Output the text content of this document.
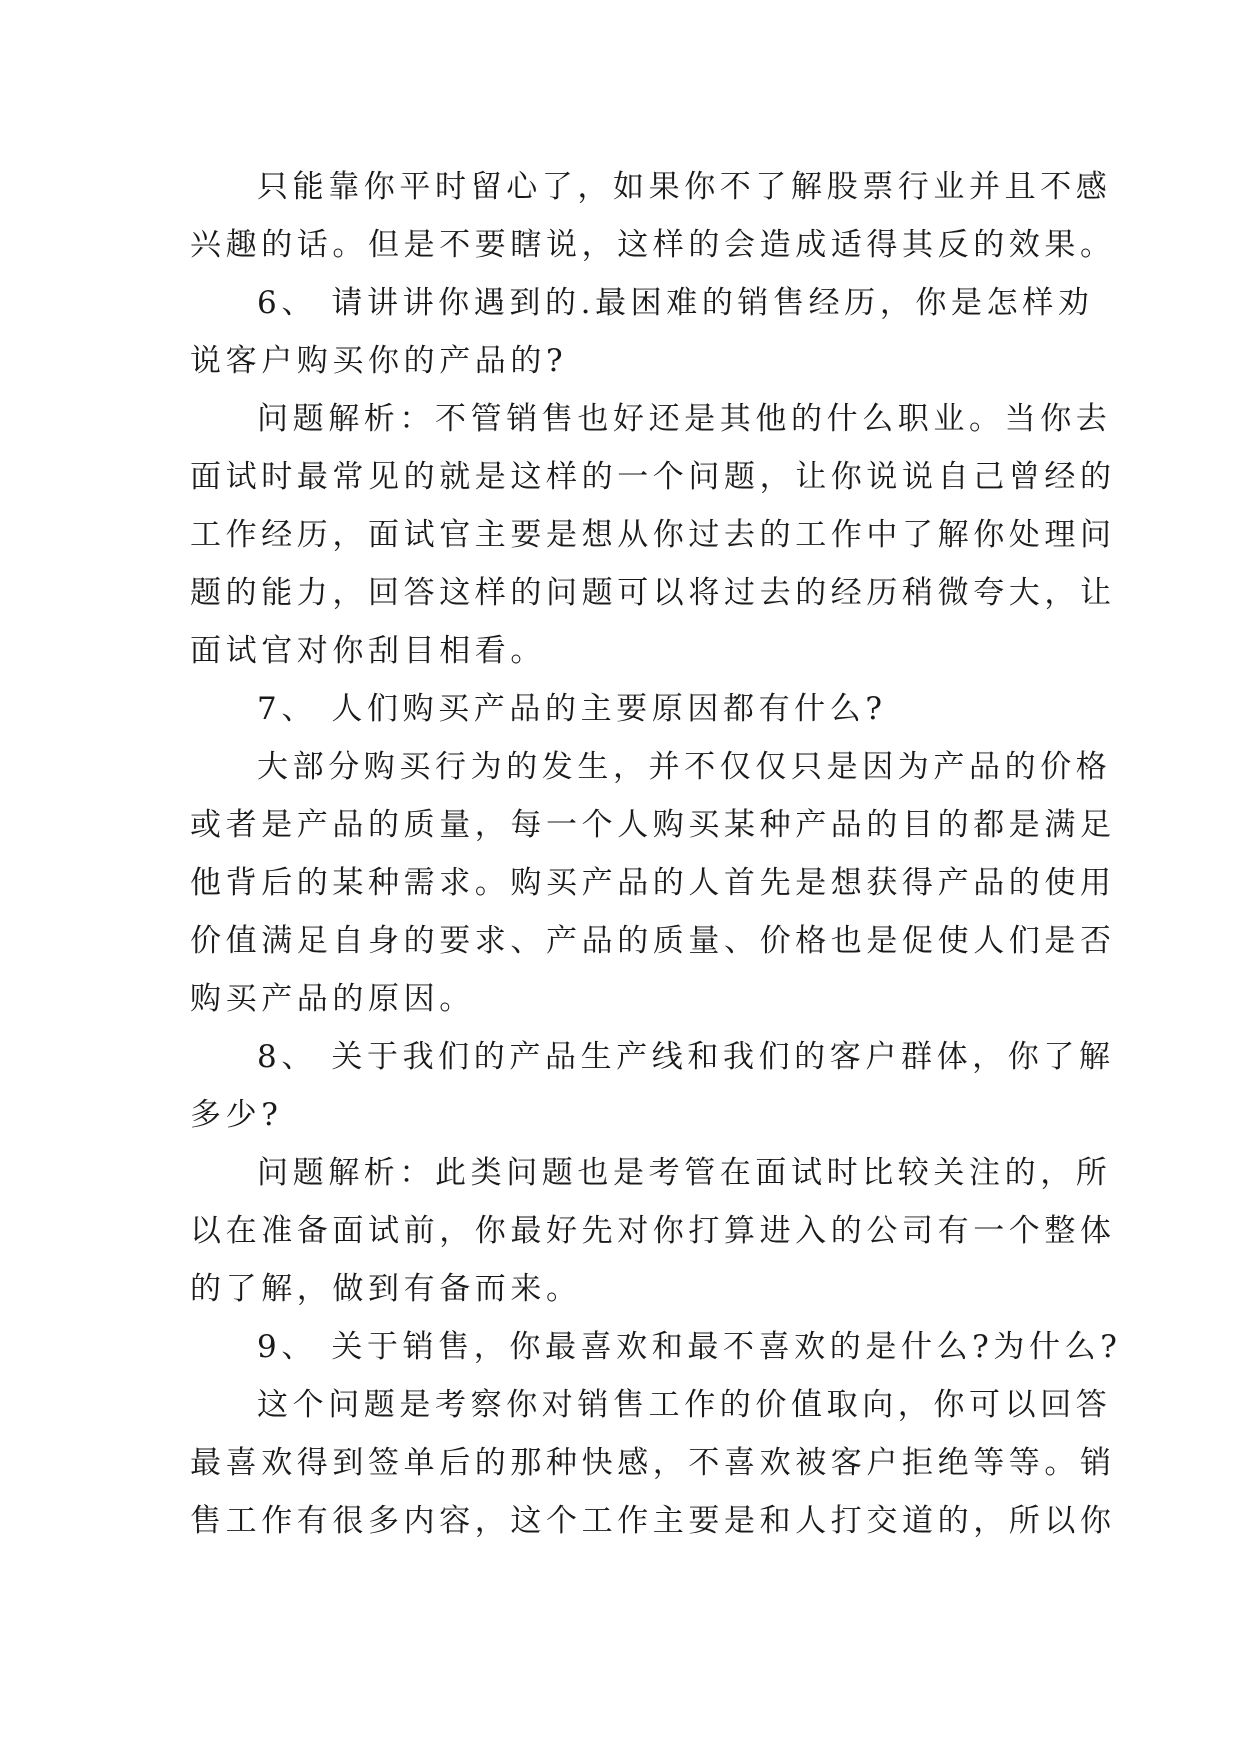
只能靠你平时留心了，如果你不了解股票行业并且不感
兴趣的话。但是不要瞎说，这样的会造成适得其反的效果。

6、 请讲讲你遇到的.最困难的销售经历，你是怎样劝
说客户购买你的产品的?

问题解析：不管销售也好还是其他的什么职业。当你去
面试时最常见的就是这样的一个问题，让你说说自己曾经的
工作经历，面试官主要是想从你过去的工作中了解你处理问
题的能力，回答这样的问题可以将过去的经历稍微夸大，让
面试官对你刮目相看。

7、 人们购买产品的主要原因都有什么?

大部分购买行为的发生，并不仅仅只是因为产品的价格
或者是产品的质量，每一个人购买某种产品的目的都是满足
他背后的某种需求。购买产品的人首先是想获得产品的使用
价值满足自身的要求、产品的质量、价格也是促使人们是否
购买产品的原因。

8、 关于我们的产品生产线和我们的客户群体，你了解
多少?

问题解析：此类问题也是考管在面试时比较关注的，所
以在准备面试前，你最好先对你打算进入的公司有一个整体
的了解，做到有备而来。

9、 关于销售，你最喜欢和最不喜欢的是什么?为什么?

这个问题是考察你对销售工作的价值取向，你可以回答
最喜欢得到签单后的那种快感，不喜欢被客户拒绝等等。销
售工作有很多内容，这个工作主要是和人打交道的，所以你
